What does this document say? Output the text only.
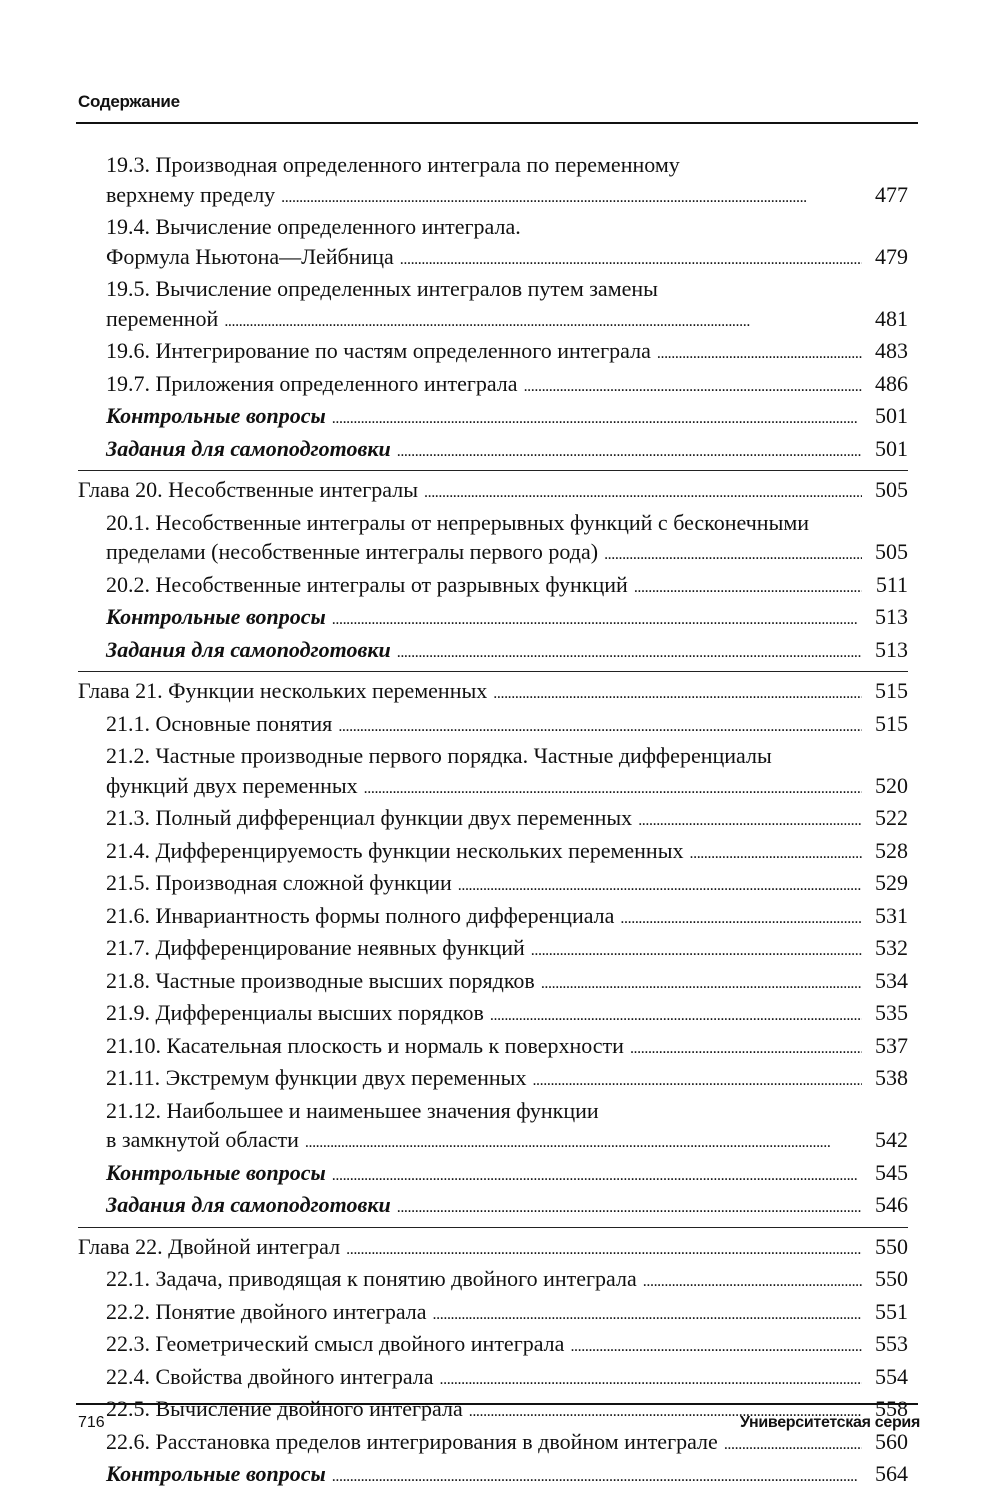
Содержание
19.3. Производная определенного интеграла по переменному
верхнему пределу . . .	477
19.4. Вычисление определенного интеграла.
Формула Ньютона—Лейбница . . .	479
19.5. Вычисление определенных интегралов путем замены
переменной . . .	481
19.6. Интегрирование по частям определенного интеграла . . .	483
19.7. Приложения определенного интеграла . . .	486
Контрольные вопросы . . .	501
Задания для самоподготовки . . .	501
Глава 20. Несобственные интегралы . . .	505
20.1. Несобственные интегралы от непрерывных функций с бесконечными
пределами (несобственные интегралы первого рода) . . .	505
20.2. Несобственные интегралы от разрывных функций . . .	511
Контрольные вопросы . . .	513
Задания для самоподготовки . . .	513
Глава 21. Функции нескольких переменных . . .	515
21.1. Основные понятия . . .	515
21.2. Частные производные первого порядка. Частные дифференциалы
функций двух переменных . . .	520
21.3. Полный дифференциал функции двух переменных . . .	522
21.4. Дифференцируемость функции нескольких переменных . . .	528
21.5. Производная сложной функции . . .	529
21.6. Инвариантность формы полного дифференциала . . .	531
21.7. Дифференцирование неявных функций . . .	532
21.8. Частные производные высших порядков . . .	534
21.9. Дифференциалы высших порядков . . .	535
21.10. Касательная плоскость и нормаль к поверхности . . .	537
21.11. Экстремум функции двух переменных . . .	538
21.12. Наибольшее и наименьшее значения функции
в замкнутой области . . .	542
Контрольные вопросы . . .	545
Задания для самоподготовки . . .	546
Глава 22. Двойной интеграл . . .	550
22.1. Задача, приводящая к понятию двойного интеграла . . .	550
22.2. Понятие двойного интеграла . . .	551
22.3. Геометрический смысл двойного интеграла . . .	553
22.4. Свойства двойного интеграла . . .	554
22.5. Вычисление двойного интеграла . . .	558
22.6. Расстановка пределов интегрирования в двойном интеграле . . .	560
Контрольные вопросы . . .	564
716	Университетская серия
